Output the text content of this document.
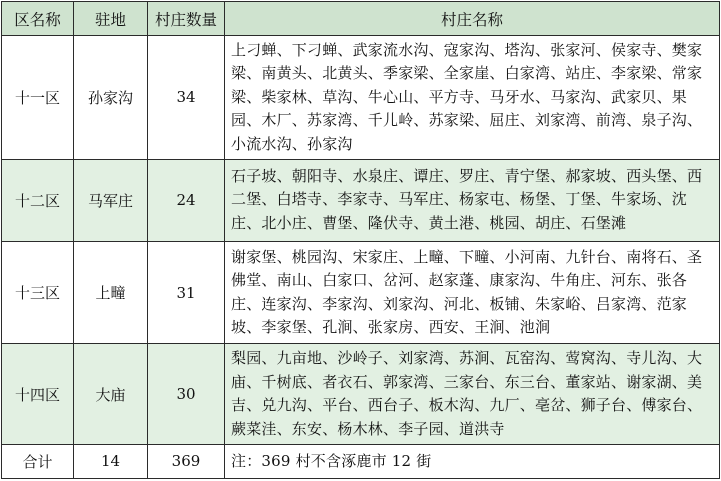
区名称	驻地	村庄数量	村庄名称
十一区	孙家沟	34	上刁蝉、下刁蝉、武家流水沟、寇家沟、塔沟、张家河、侯家寺、樊家梁、南黄头、北黄头、季家梁、全家崖、白家湾、站庄、李家梁、常家梁、柴家林、草沟、牛心山、平方寺、马牙水、马家沟、武家贝、果园、木厂、苏家湾、千儿岭、苏家梁、屈庄、刘家湾、前湾、泉子沟、小流水沟、孙家沟
十二区	马军庄	24	石子坡、朝阳寺、水泉庄、谭庄、罗庄、青宁堡、郝家坡、西头堡、西二堡、白塔寺、李家寺、马军庄、杨家屯、杨堡、丁堡、牛家场、沈庄、北小庄、曹堡、隆伏寺、黄土港、桃园、胡庄、石堡滩
十三区	上疃	31	谢家堡、桃园沟、宋家庄、上疃、下疃、小河南、九针台、南将石、圣佛堂、南山、白家口、岔河、赵家蓬、康家沟、牛角庄、河东、张各庄、连家沟、李家沟、刘家沟、河北、板铺、朱家峪、吕家湾、范家坡、李家堡、孔涧、张家房、西安、王涧、池涧
十四区	大庙	30	梨园、九亩地、沙岭子、刘家湾、苏涧、瓦窑沟、莺窝沟、寺儿沟、大庙、千树底、者衣石、郭家湾、三家台、东三台、董家站、谢家湖、美吉、兑九沟、平台、西台子、板木沟、九厂、亳岔、狮子台、傅家台、蕨菜洼、东安、杨木林、李子园、道洪寺
合计	14	369	注：369 村不含涿鹿市 12 街
